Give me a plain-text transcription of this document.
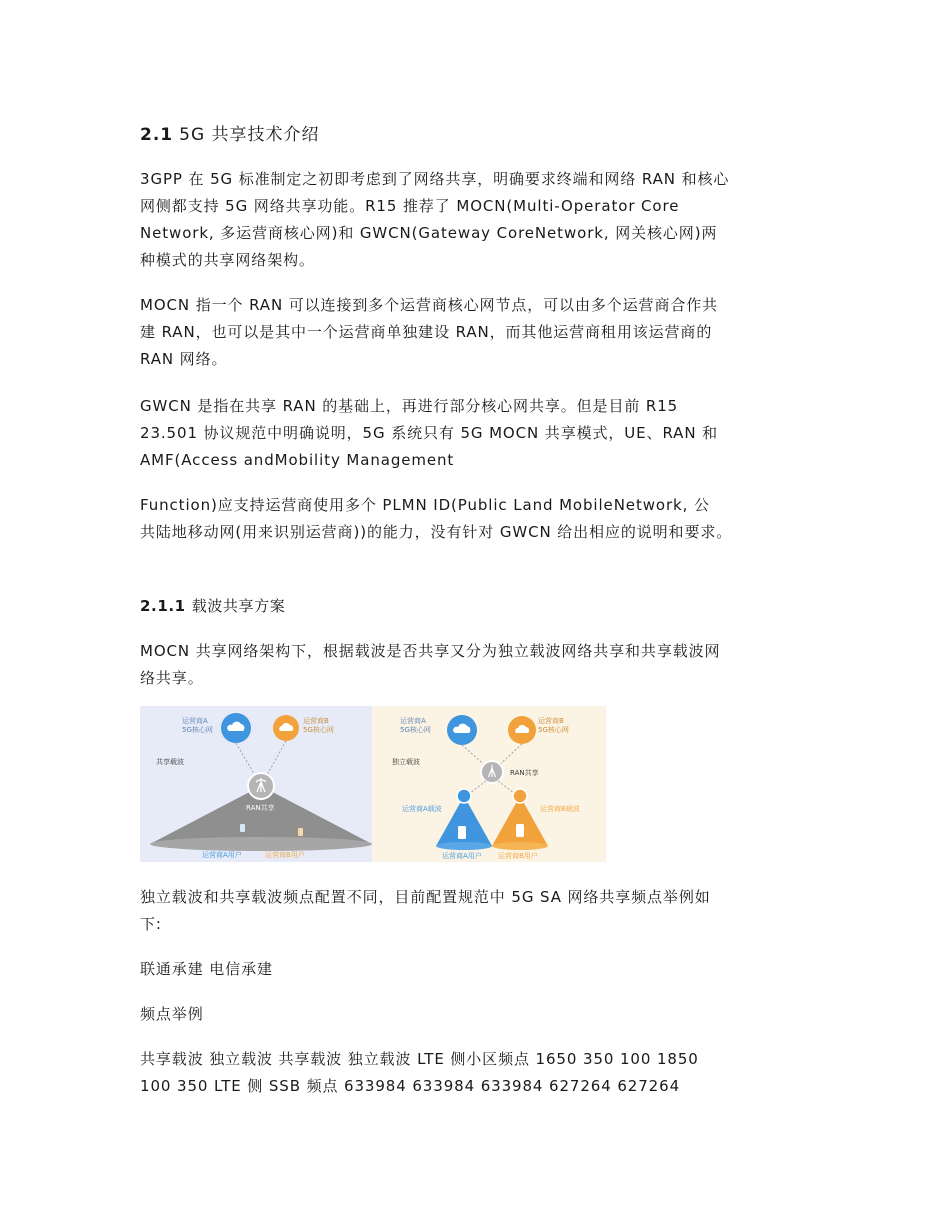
2.1 5G 共享技术介绍
3GPP 在 5G 标准制定之初即考虑到了网络共享，明确要求终端和网络 RAN 和核心
网侧都支持 5G 网络共享功能。R15 推荐了 MOCN(Multi-Operator Core
Network, 多运营商核心网)和 GWCN(Gateway CoreNetwork, 网关核心网)两
种模式的共享网络架构。
MOCN 指一个 RAN 可以连接到多个运营商核心网节点，可以由多个运营商合作共
建 RAN，也可以是其中一个运营商单独建设 RAN，而其他运营商租用该运营商的
RAN 网络。
GWCN 是指在共享 RAN 的基础上，再进行部分核心网共享。但是目前 R15
23.501 协议规范中明确说明，5G 系统只有 5G MOCN 共享模式，UE、RAN 和
AMF(Access andMobility Management
Function)应支持运营商使用多个 PLMN ID(Public Land MobileNetwork, 公
共陆地移动网(用来识别运营商))的能力，没有针对 GWCN 给出相应的说明和要求。
2.1.1 载波共享方案
MOCN 共享网络架构下，根据载波是否共享又分为独立载波网络共享和共享载波网
络共享。
运营商A
5G核心网
运营商B
5G核心网
共享载波
RAN共享
运营商A用户	运营商B用户
运营商A
5G核心网
运营商B
5G核心网
独立载波
RAN共享
运营商A载波	运营商B载波
运营商A用户 运营商B用户
独立载波和共享载波频点配置不同，目前配置规范中 5G SA 网络共享频点举例如
下:
联通承建 电信承建
频点举例
共享载波 独立载波 共享载波 独立载波 LTE 侧小区频点 1650 350 100 1850
100 350 LTE 侧 SSB 频点 633984 633984 633984 627264 627264
